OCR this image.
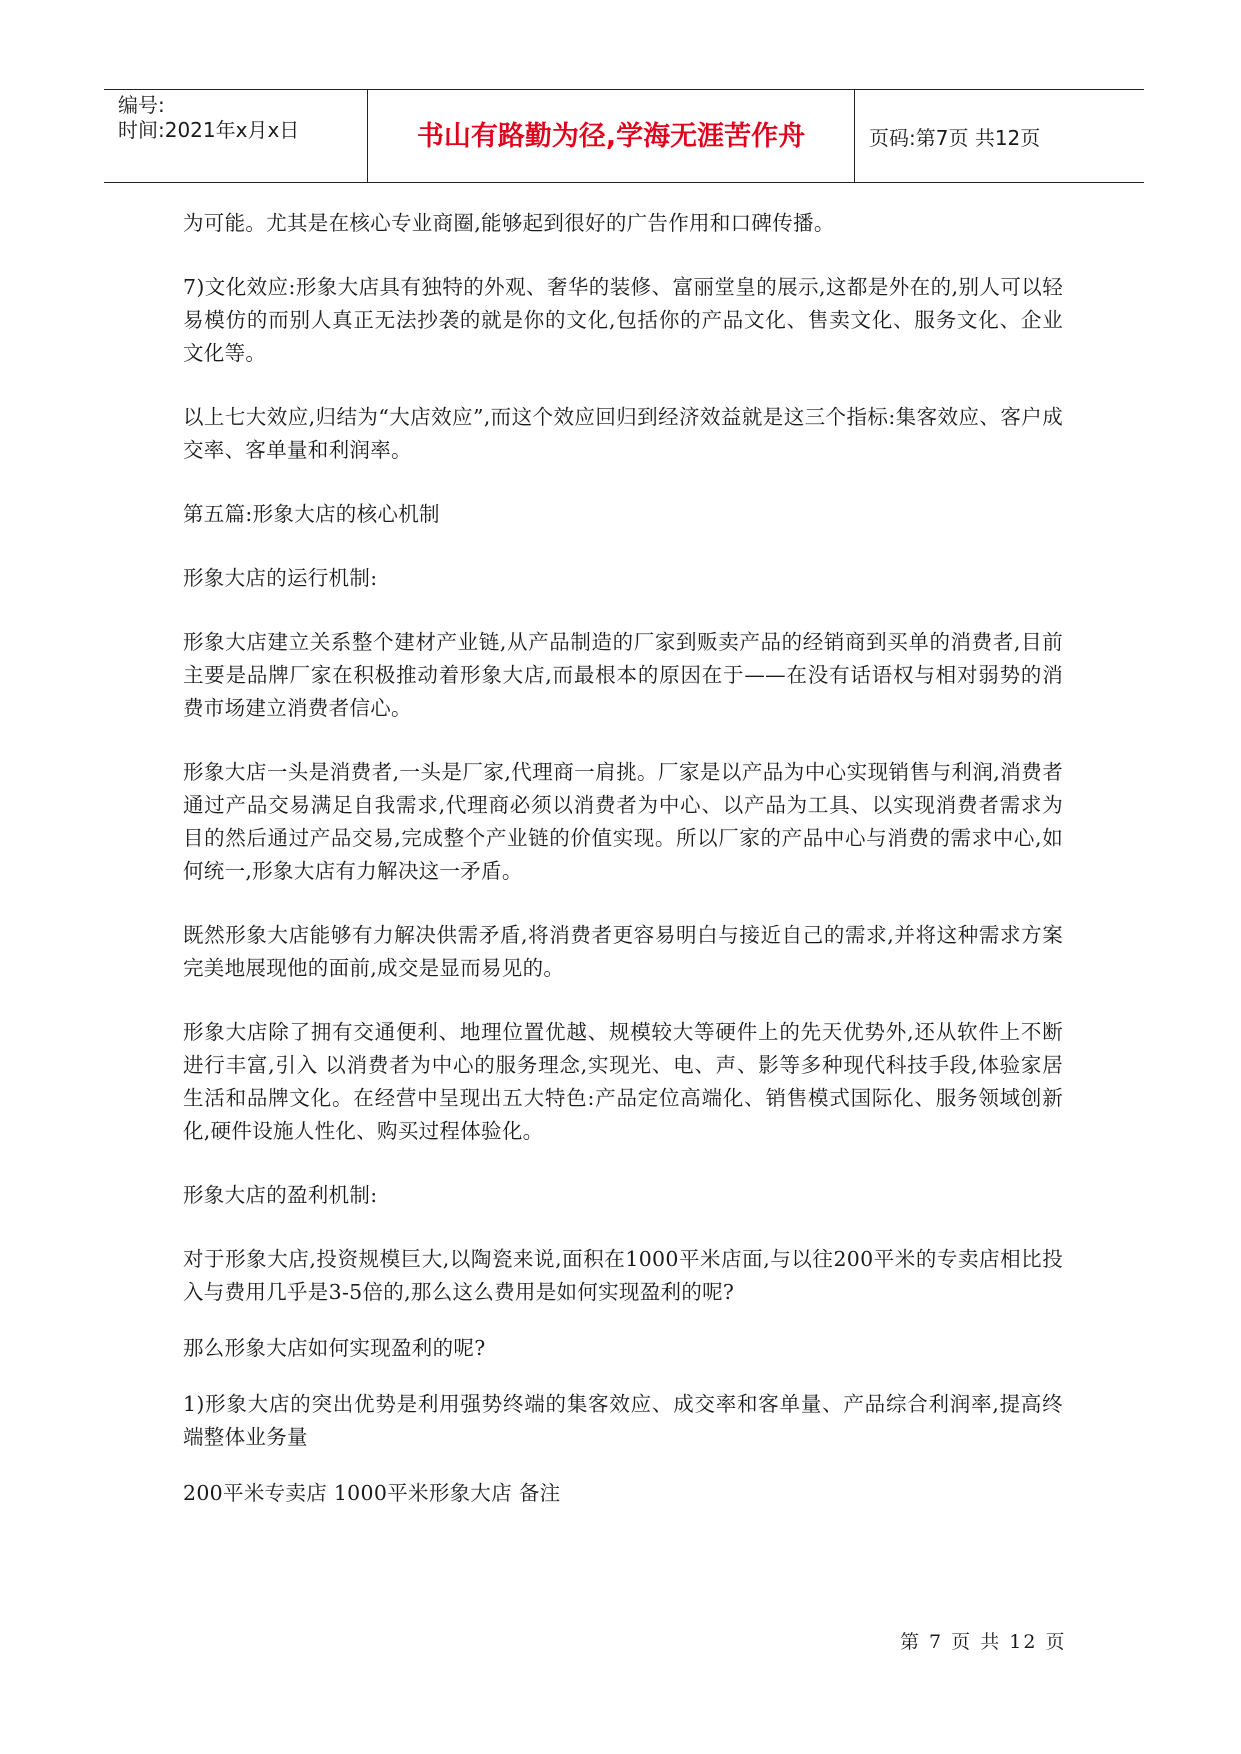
编号:
时间:2021年x月x日	书山有路勤为径,学海无涯苦作舟	页码:第7页 共12页

为可能。尤其是在核心专业商圈,能够起到很好的广告作用和口碑传播。

7)文化效应:形象大店具有独特的外观、奢华的装修、富丽堂皇的展示,这都是外在的,别人可以轻易模仿的而别人真正无法抄袭的就是你的文化,包括你的产品文化、售卖文化、服务文化、企业文化等。

以上七大效应,归结为“大店效应”,而这个效应回归到经济效益就是这三个指标:集客效应、客户成交率、客单量和利润率。

第五篇:形象大店的核心机制

形象大店的运行机制:

形象大店建立关系整个建材产业链,从产品制造的厂家到贩卖产品的经销商到买单的消费者,目前主要是品牌厂家在积极推动着形象大店,而最根本的原因在于——在没有话语权与相对弱势的消费市场建立消费者信心。

形象大店一头是消费者,一头是厂家,代理商一肩挑。厂家是以产品为中心实现销售与利润,消费者通过产品交易满足自我需求,代理商必须以消费者为中心、以产品为工具、以实现消费者需求为目的然后通过产品交易,完成整个产业链的价值实现。所以厂家的产品中心与消费的需求中心,如何统一,形象大店有力解决这一矛盾。

既然形象大店能够有力解决供需矛盾,将消费者更容易明白与接近自己的需求,并将这种需求方案完美地展现他的面前,成交是显而易见的。

形象大店除了拥有交通便利、地理位置优越、规模较大等硬件上的先天优势外,还从软件上不断进行丰富,引入 以消费者为中心的服务理念,实现光、电、声、影等多种现代科技手段,体验家居生活和品牌文化。在经营中呈现出五大特色:产品定位高端化、销售模式国际化、服务领域创新化,硬件设施人性化、购买过程体验化。

形象大店的盈利机制:

对于形象大店,投资规模巨大,以陶瓷来说,面积在1000平米店面,与以往200平米的专卖店相比投入与费用几乎是3-5倍的,那么这么费用是如何实现盈利的呢?

那么形象大店如何实现盈利的呢?

1)形象大店的突出优势是利用强势终端的集客效应、成交率和客单量、产品综合利润率,提高终端整体业务量

200平米专卖店 1000平米形象大店 备注

第 7 页 共 12 页
